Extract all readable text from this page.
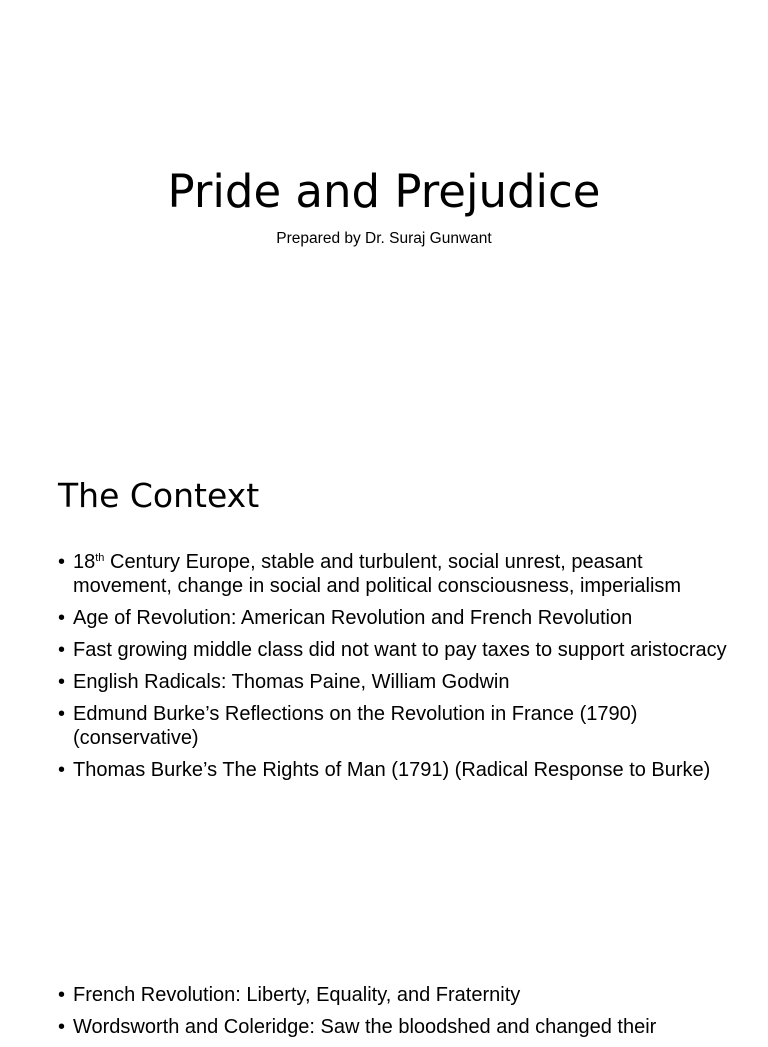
Pride and Prejudice

Prepared by Dr. Suraj Gunwant

The Context
• 18th Century Europe, stable and turbulent, social unrest, peasant movement, change in social and political consciousness, imperialism
• Age of Revolution: American Revolution and French Revolution
• Fast growing middle class did not want to pay taxes to support aristocracy
• English Radicals: Thomas Paine, William Godwin
• Edmund Burke’s Reflections on the Revolution in France (1790) (conservative)
• Thomas Burke’s The Rights of Man (1791) (Radical Response to Burke)
• French Revolution: Liberty, Equality, and Fraternity
• Wordsworth and Coleridge: Saw the bloodshed and changed their
